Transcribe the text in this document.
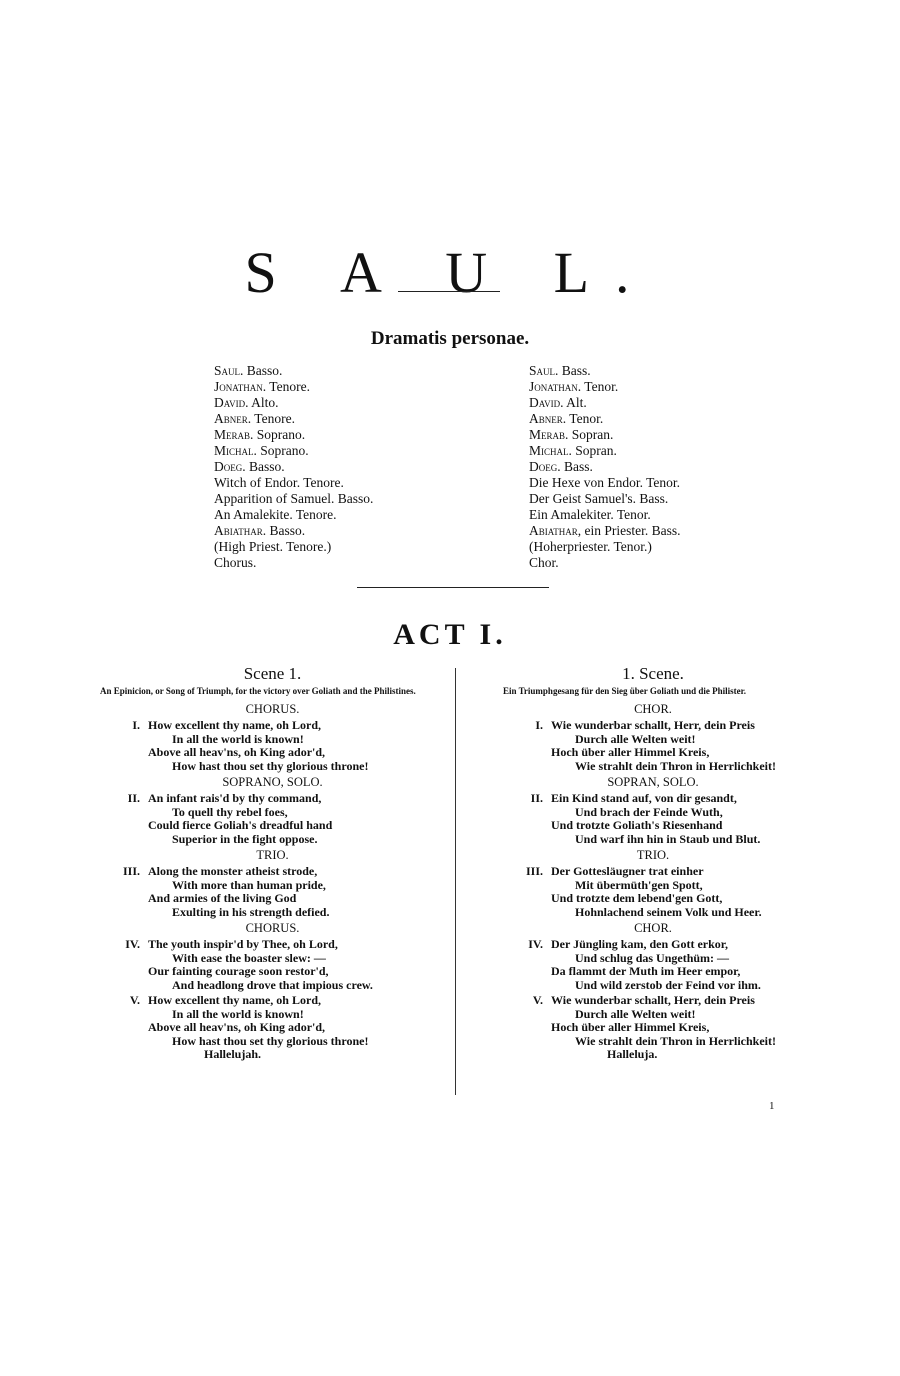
S A U L.
Dramatis personae.
Saul. Basso.
Jonathan. Tenore.
David. Alto.
Abner. Tenore.
Merab. Soprano.
Michal. Soprano.
Doeg. Basso.
Witch of Endor. Tenore.
Apparition of Samuel. Basso.
An Amalekite. Tenore.
Abiathar. Basso.
(High Priest. Tenore.)
Chorus.
Saul. Bass.
Jonathan. Tenor.
David. Alt.
Abner. Tenor.
Merab. Sopran.
Michal. Sopran.
Doeg. Bass.
Die Hexe von Endor. Tenor.
Der Geist Samuel's. Bass.
Ein Amalekiter. Tenor.
Abiathar, ein Priester. Bass.
(Hoherpriester. Tenor.)
Chor.
ACT I.
Scene 1.
An Epinicion, or Song of Triumph, for the victory over Goliath and the Philistines.
CHORUS.
I. How excellent thy name, oh Lord,
In all the world is known!
Above all heav'ns, oh King ador'd,
How hast thou set thy glorious throne!
SOPRANO, SOLO.
II. An infant rais'd by thy command,
To quell thy rebel foes,
Could fierce Goliah's dreadful hand
Superior in the fight oppose.
TRIO.
III. Along the monster atheist strode,
With more than human pride,
And armies of the living God
Exulting in his strength defied.
CHORUS.
IV. The youth inspir'd by Thee, oh Lord,
With ease the boaster slew: —
Our fainting courage soon restor'd,
And headlong drove that impious crew.
V. How excellent thy name, oh Lord,
In all the world is known!
Above all heav'ns, oh King ador'd,
How hast thou set thy glorious throne!
Hallelujah.
1. Scene.
Ein Triumphgesang für den Sieg über Goliath und die Philister.
CHOR.
I. Wie wunderbar schallt, Herr, dein Preis
Durch alle Welten weit!
Hoch über aller Himmel Kreis,
Wie strahlt dein Thron in Herrlichkeit!
SOPRAN, SOLO.
II. Ein Kind stand auf, von dir gesandt,
Und brach der Feinde Wuth,
Und trotzte Goliath's Riesenhand
Und warf ihn hin in Staub und Blut.
TRIO.
III. Der Gottesläugner trat einher
Mit übermüth'gen Spott,
Und trotzte dem lebend'gen Gott,
Hohnlachend seinem Volk und Heer.
CHOR.
IV. Der Jüngling kam, den Gott erkor,
Und schlug das Ungethüm: —
Da flammt der Muth im Heer empor,
Und wild zerstob der Feind vor ihm.
V. Wie wunderbar schallt, Herr, dein Preis
Durch alle Welten weit!
Hoch über aller Himmel Kreis,
Wie strahlt dein Thron in Herrlichkeit!
Halleluja.
1
